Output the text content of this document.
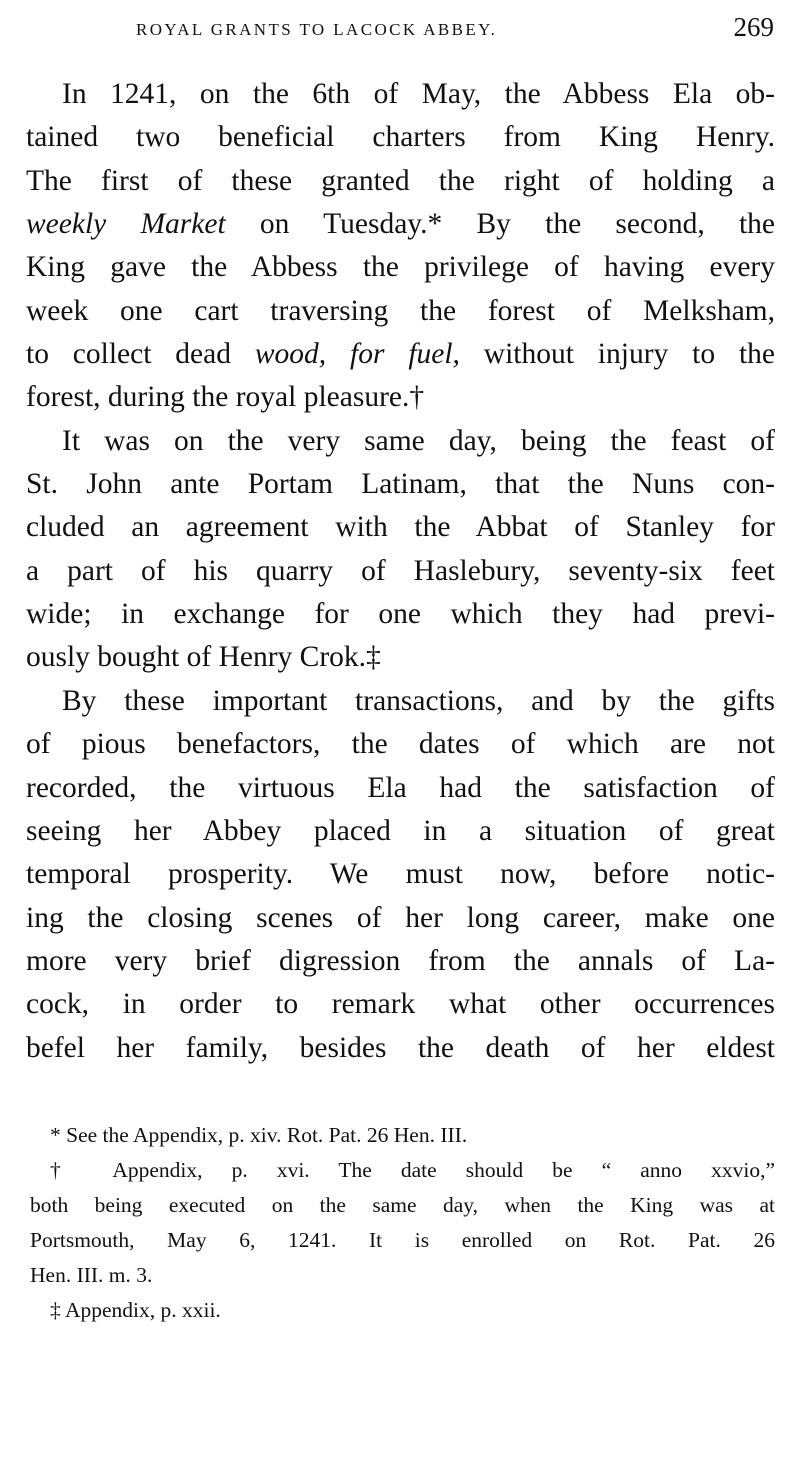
ROYAL GRANTS TO LACOCK ABBEY.	269
In 1241, on the 6th of May, the Abbess Ela ob-
tained two beneficial charters from King Henry.
The first of these granted the right of holding a
weekly Market on Tuesday.* By the second, the
King gave the Abbess the privilege of having every
week one cart traversing the forest of Melksham,
to collect dead wood, for fuel, without injury to the
forest, during the royal pleasure.†
It was on the very same day, being the feast of
St. John ante Portam Latinam, that the Nuns con-
cluded an agreement with the Abbat of Stanley for
a part of his quarry of Haslebury, seventy-six feet
wide; in exchange for one which they had previ-
ously bought of Henry Crok.‡
By these important transactions, and by the gifts
of pious benefactors, the dates of which are not
recorded, the virtuous Ela had the satisfaction of
seeing her Abbey placed in a situation of great
temporal prosperity. We must now, before notic-
ing the closing scenes of her long career, make one
more very brief digression from the annals of La-
cock, in order to remark what other occurrences
befel her family, besides the death of her eldest
* See the Appendix, p. xiv. Rot. Pat. 26 Hen. III.
† Appendix, p. xvi. The date should be “ anno xxvio,”
both being executed on the same day, when the King was at
Portsmouth, May 6, 1241. It is enrolled on Rot. Pat. 26
Hen. III. m. 3.
‡ Appendix, p. xxii.
